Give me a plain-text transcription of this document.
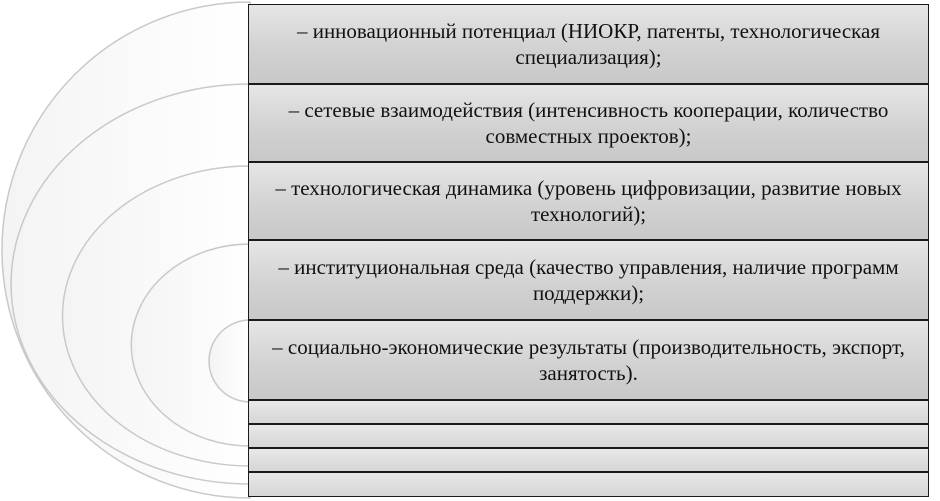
– инновационный потенциал (НИОКР, патенты, технологическая специализация);
– сетевые взаимодействия (интенсивность кооперации, количество совместных проектов);
– технологическая динамика (уровень цифровизации, развитие новых технологий);
– институциональная среда (качество управления, наличие программ поддержки);
– социально-экономические результаты (производительность, экспорт, занятость).
